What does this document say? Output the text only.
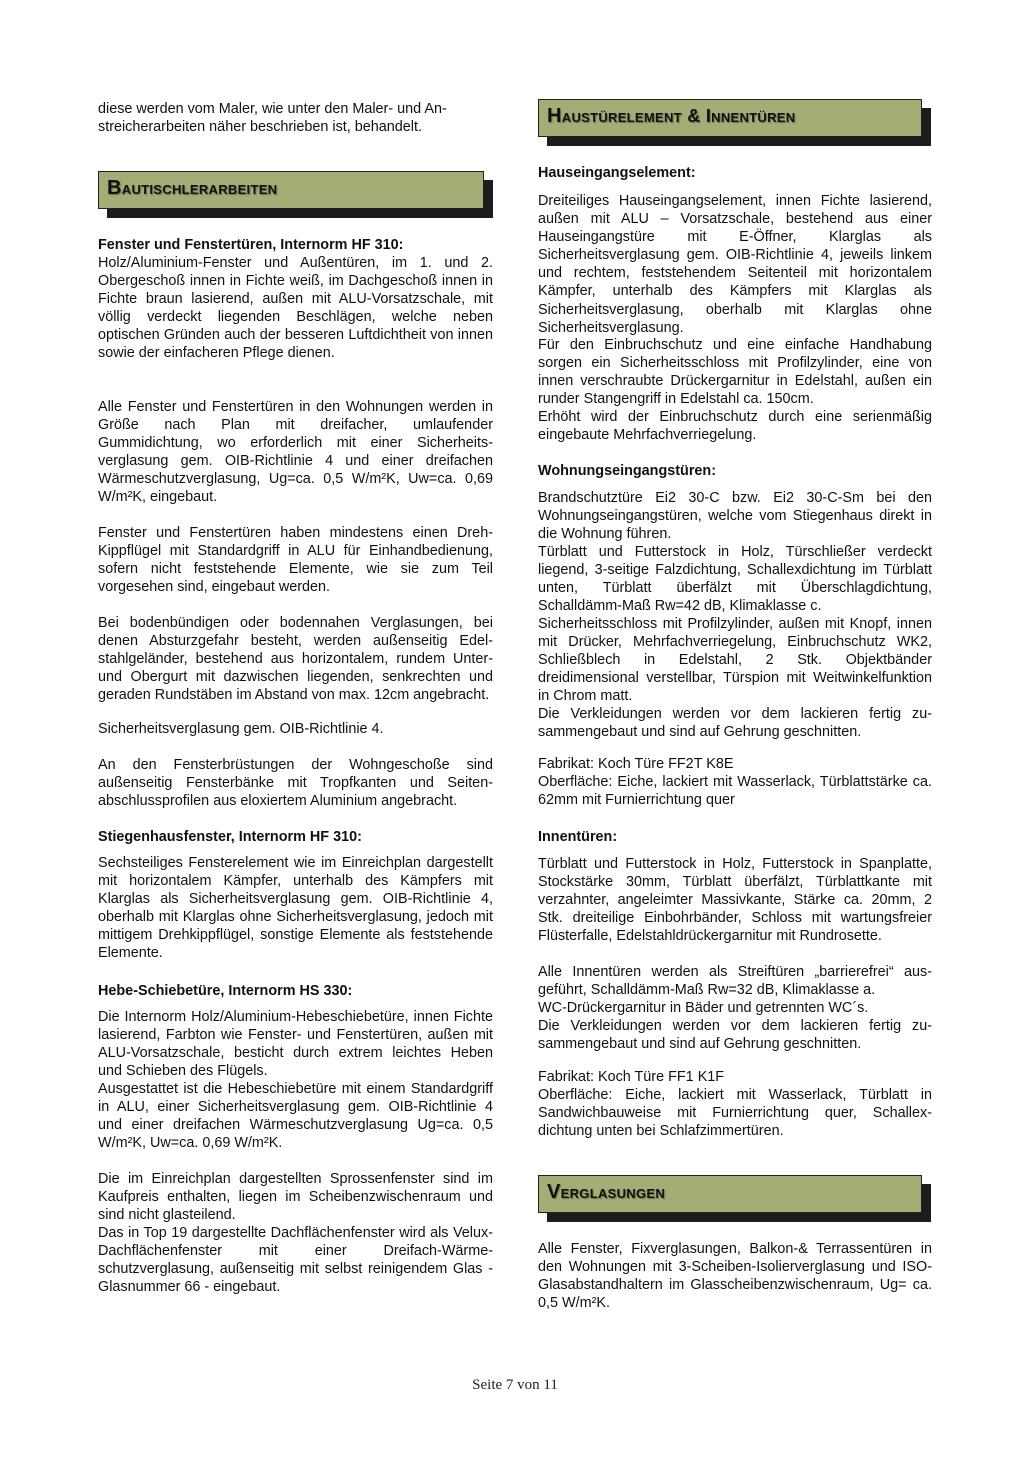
diese werden vom Maler, wie unter den Maler- und An-
streicherarbeiten näher beschrieben ist, behandelt.

Bautischlerarbeiten

Fenster und Fenstertüren, Internorm HF 310:

Holz/Aluminium-Fenster und Außentüren, im 1. und 2. Obergeschoß innen in Fichte weiß, im Dachgeschoß innen in Fichte braun lasierend, außen mit ALU-Vorsatzschale, mit völlig verdeckt liegenden Beschlägen, welche neben optischen Gründen auch der besseren Luftdichtheit von innen sowie der einfacheren Pflege dienen.

Alle Fenster und Fenstertüren in den Wohnungen werden in Größe nach Plan mit dreifacher, umlaufender Gummidichtung, wo erforderlich mit einer Sicherheitsverglasung gem. OIB-Richtlinie 4 und einer dreifachen Wärmeschutzverglasung, Ug=ca. 0,5 W/m²K, Uw=ca. 0,69 W/m²K, eingebaut.

Fenster und Fenstertüren haben mindestens einen DrehKippflügel mit Standardgriff in ALU für Einhandbedienung, sofern nicht feststehende Elemente, wie sie zum Teil vorgesehen sind, eingebaut werden.

Bei bodenbündigen oder bodennahen Verglasungen, bei denen Absturzgefahr besteht, werden außenseitig Edelstahlgeländer, bestehend aus horizontalem, rundem Unter- und Obergurt mit dazwischen liegenden, senkrechten und geraden Rundstäben im Abstand von max. 12cm angebracht.

Sicherheitsverglasung gem. OIB-Richtlinie 4.

An den Fensterbrüstungen der Wohngeschoße sind außenseitig Fensterbänke mit Tropfkanten und Seitenabschlussprofilen aus eloxiertem Aluminium angebracht.

Stiegenhausfenster, Internorm HF 310:

Sechsteiliges Fensterelement wie im Einreichplan dargestellt mit horizontalem Kämpfer, unterhalb des Kämpfers mit Klarglas als Sicherheitsverglasung gem. OIB-Richtlinie 4, oberhalb mit Klarglas ohne Sicherheitsverglasung, jedoch mit mittigem Drehkippflügel, sonstige Elemente als feststehende Elemente.

Hebe-Schiebetüre, Internorm HS 330:

Die Internorm Holz/Aluminium-Hebeschiebetüre, innen Fichte lasierend, Farbton wie Fenster- und Fenstertüren, außen mit ALU-Vorsatzschale, besticht durch extrem leichtes Heben und Schieben des Flügels.

Ausgestattet ist die Hebeschiebetüre mit einem Standardgriff in ALU, einer Sicherheitsverglasung gem. OIB-Richtlinie 4 und einer dreifachen Wärmeschutzverglasung Ug=ca. 0,5 W/m²K, Uw=ca. 0,69 W/m²K.

Die im Einreichplan dargestellten Sprossenfenster sind im Kaufpreis enthalten, liegen im Scheibenzwischenraum und sind nicht glasteilend.

Das in Top 19 dargestellte Dachflächenfenster wird als Velux-Dachflächenfenster mit einer Dreifach-Wärmeschutzverglasung, außenseitig mit selbst reinigendem Glas - Glasnummer 66 - eingebaut.

Haustürelement & Innentüren

Hauseingangselement:

Dreiteiliges Hauseingangselement, innen Fichte lasierend, außen mit ALU – Vorsatzschale, bestehend aus einer Hauseingangstüre mit E-Öffner, Klarglas als Sicherheitsverglasung gem. OIB-Richtlinie 4, jeweils linkem und rechtem, feststehendem Seitenteil mit horizontalem Kämpfer, unterhalb des Kämpfers mit Klarglas als Sicherheitsverglasung, oberhalb mit Klarglas ohne Sicherheitsverglasung.

Für den Einbruchschutz und eine einfache Handhabung sorgen ein Sicherheitsschloss mit Profilzylinder, eine von innen verschraubte Drückergarnitur in Edelstahl, außen ein runder Stangengriff in Edelstahl ca. 150cm.

Erhöht wird der Einbruchschutz durch eine serienmäßig eingebaute Mehrfachverriegelung.

Wohnungseingangstüren:

Brandschutztüre Ei2 30-C bzw. Ei2 30-C-Sm bei den Wohnungseingangstüren, welche vom Stiegenhaus direkt in die Wohnung führen.

Türblatt und Futterstock in Holz, Türschließer verdeckt liegend, 3-seitige Falzdichtung, Schallexdichtung im Türblatt unten, Türblatt überfälzt mit Überschlagdichtung, Schalldämm-Maß Rw=42 dB, Klimaklasse c.

Sicherheitsschloss mit Profilzylinder, außen mit Knopf, innen mit Drücker, Mehrfachverriegelung, Einbruchschutz WK2, Schließblech in Edelstahl, 2 Stk. Objektbänder dreidimensional verstellbar, Türspion mit Weitwinkelfunktion in Chrom matt.

Die Verkleidungen werden vor dem lackieren fertig zusammengebaut und sind auf Gehrung geschnitten.

Fabrikat: Koch Türe FF2T K8E

Oberfläche: Eiche, lackiert mit Wasserlack, Türblattstärke ca. 62mm mit Furnierrichtung quer

Innentüren:

Türblatt und Futterstock in Holz, Futterstock in Spanplatte, Stockstärke 30mm, Türblatt überfälzt, Türblattkante mit verzahnter, angeleimter Massivkante, Stärke ca. 20mm, 2 Stk. dreiteilige Einbohrbänder, Schloss mit wartungsfreier Flüsterfalle, Edelstahldrückergarnitur mit Rundrosette.

Alle Innentüren werden als Streiftüren „barrierefrei“ ausgeführt, Schalldämm-Maß Rw=32 dB, Klimaklasse a.

WC-Drückergarnitur in Bäder und getrennten WC´s.

Die Verkleidungen werden vor dem lackieren fertig zusammengebaut und sind auf Gehrung geschnitten.

Fabrikat: Koch Türe FF1 K1F

Oberfläche: Eiche, lackiert mit Wasserlack, Türblatt in Sandwichbauweise mit Furnierrichtung quer, Schallexdichtung unten bei Schlafzimmertüren.

Verglasungen

Alle Fenster, Fixverglasungen, Balkon-& Terrassentüren in den Wohnungen mit 3-Scheiben-Isolierverglasung und ISO-Glasabstandhaltern im Glasscheibenzwischenraum, Ug= ca. 0,5 W/m²K.

Seite 7 von 11
